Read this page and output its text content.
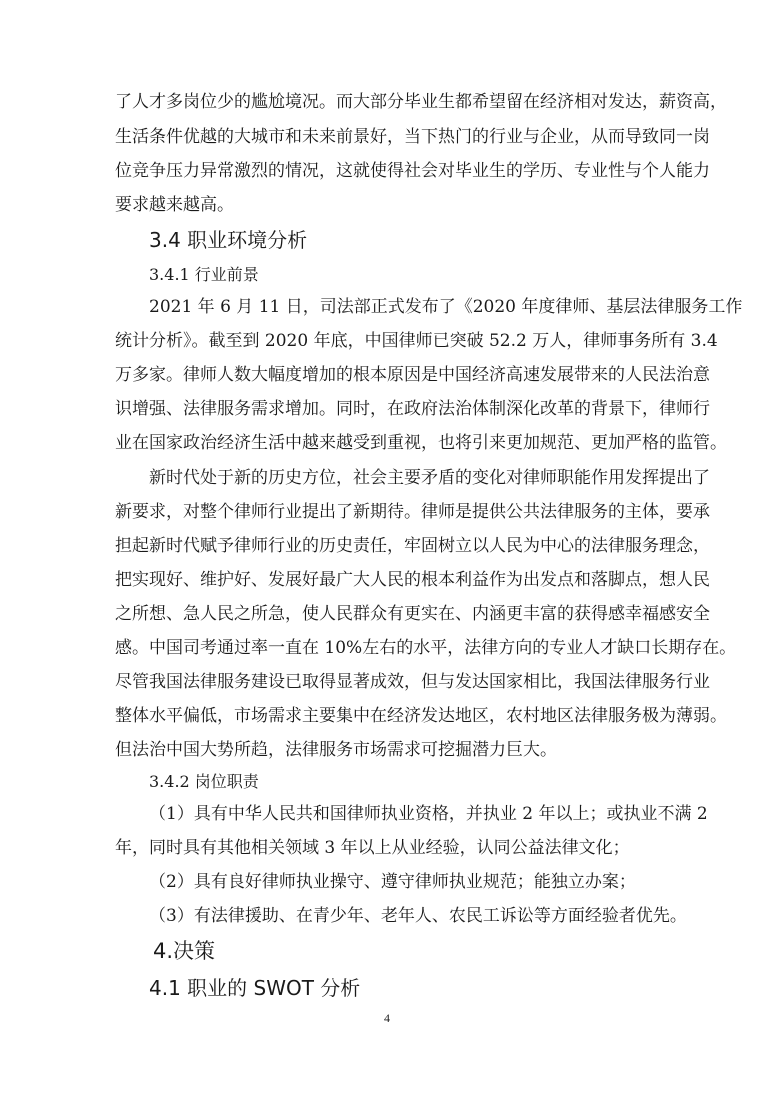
了人才多岗位少的尴尬境况。而大部分毕业生都希望留在经济相对发达，薪资高，
生活条件优越的大城市和未来前景好，当下热门的行业与企业，从而导致同一岗
位竞争压力异常激烈的情况，这就使得社会对毕业生的学历、专业性与个人能力
要求越来越高。
3.4 职业环境分析
3.4.1 行业前景
2021 年 6 月 11 日，司法部正式发布了《2020 年度律师、基层法律服务工作
统计分析》。截至到 2020 年底，中国律师已突破 52.2 万人，律师事务所有 3.4
万多家。律师人数大幅度增加的根本原因是中国经济高速发展带来的人民法治意
识增强、法律服务需求增加。同时，在政府法治体制深化改革的背景下，律师行
业在国家政治经济生活中越来越受到重视，也将引来更加规范、更加严格的监管。
新时代处于新的历史方位，社会主要矛盾的变化对律师职能作用发挥提出了
新要求，对整个律师行业提出了新期待。律师是提供公共法律服务的主体，要承
担起新时代赋予律师行业的历史责任，牢固树立以人民为中心的法律服务理念，
把实现好、维护好、发展好最广大人民的根本利益作为出发点和落脚点，想人民
之所想、急人民之所急，使人民群众有更实在、内涵更丰富的获得感幸福感安全
感。中国司考通过率一直在 10%左右的水平，法律方向的专业人才缺口长期存在。
尽管我国法律服务建设已取得显著成效，但与发达国家相比，我国法律服务行业
整体水平偏低，市场需求主要集中在经济发达地区，农村地区法律服务极为薄弱。
但法治中国大势所趋，法律服务市场需求可挖掘潜力巨大。
3.4.2 岗位职责
（1）具有中华人民共和国律师执业资格，并执业 2 年以上；或执业不满 2
年，同时具有其他相关领域 3 年以上从业经验，认同公益法律文化；
（2）具有良好律师执业操守、遵守律师执业规范；能独立办案；
（3）有法律援助、在青少年、老年人、农民工诉讼等方面经验者优先。
4.决策
4.1 职业的 SWOT 分析
4
